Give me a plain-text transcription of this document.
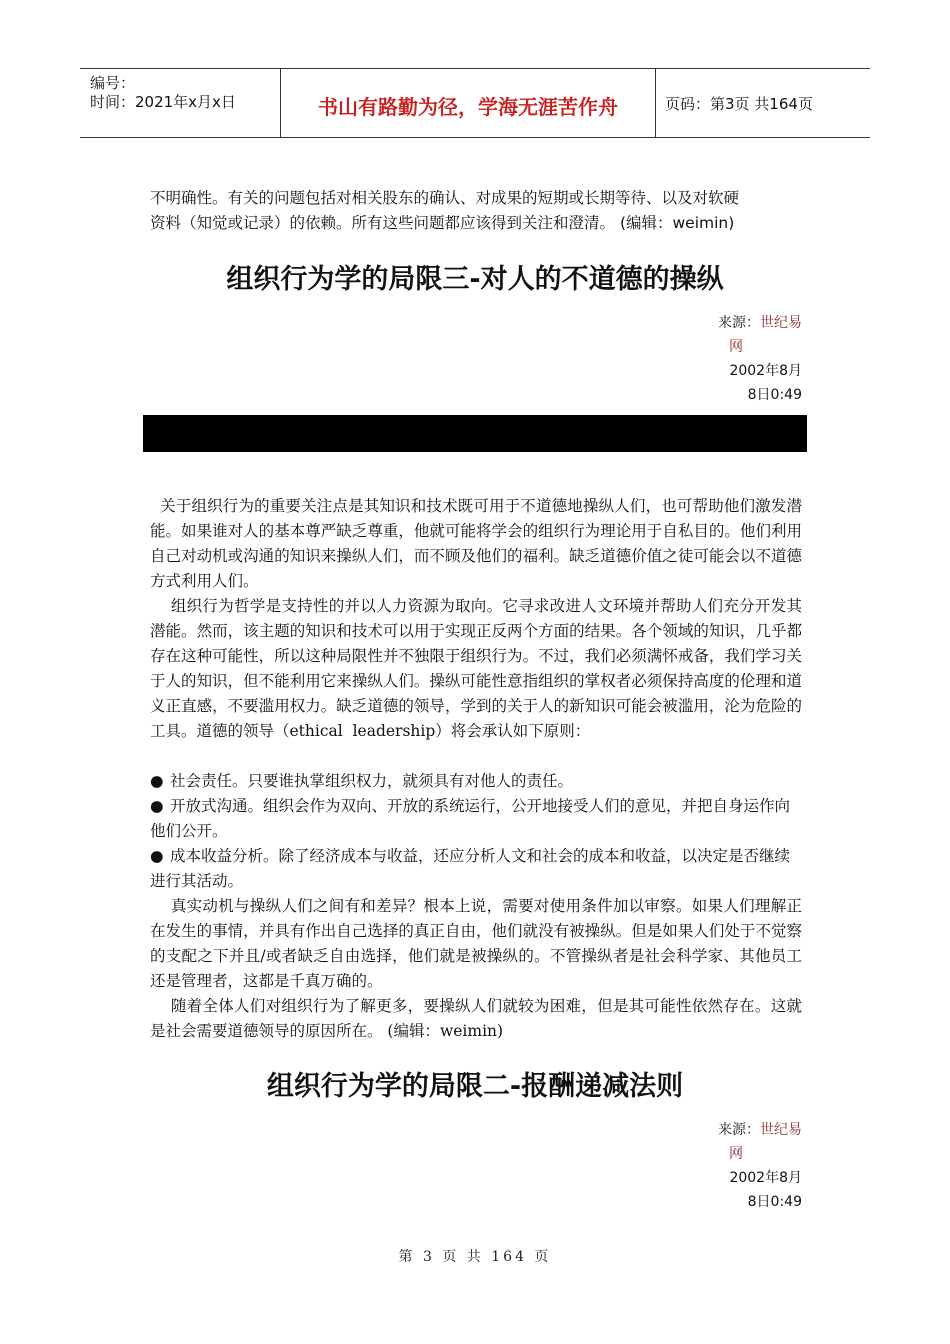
编号：
时间：2021年x月x日	书山有路勤为径，学海无涯苦作舟	页码：第3页 共164页
不明确性。有关的问题包括对相关股东的确认、对成果的短期或长期等待、以及对软硬
资料（知觉或记录）的依赖。所有这些问题都应该得到关注和澄清。 (编辑：weimin)
组织行为学的局限三-对人的不道德的操纵
来源：世纪易
网
2002年8月
8日0:49
关于组织行为的重要关注点是其知识和技术既可用于不道德地操纵人们，也可帮助他们激发潜能。如果谁对人的基本尊严缺乏尊重，他就可能将学会的组织行为理论用于自私目的。他们利用自己对动机或沟通的知识来操纵人们，而不顾及他们的福利。缺乏道德价值之徒可能会以不道德方式利用人们。
组织行为哲学是支持性的并以人力资源为取向。它寻求改进人文环境并帮助人们充分开发其潜能。然而，该主题的知识和技术可以用于实现正反两个方面的结果。各个领域的知识，几乎都存在这种可能性，所以这种局限性并不独限于组织行为。不过，我们必须满怀戒备，我们学习关于人的知识，但不能利用它来操纵人们。操纵可能性意指组织的掌权者必须保持高度的伦理和道义正直感，不要滥用权力。缺乏道德的领导，学到的关于人的新知识可能会被滥用，沦为危险的工具。道德的领导（ethical  leadership）将会承认如下原则：
● 社会责任。只要谁执掌组织权力，就须具有对他人的责任。
● 开放式沟通。组织会作为双向、开放的系统运行，公开地接受人们的意见，并把自身运作向他们公开。
● 成本收益分析。除了经济成本与收益，还应分析人文和社会的成本和收益，以决定是否继续进行其活动。
真实动机与操纵人们之间有和差异？根本上说，需要对使用条件加以审察。如果人们理解正在发生的事情，并具有作出自己选择的真正自由，他们就没有被操纵。但是如果人们处于不觉察的支配之下并且/或者缺乏自由选择，他们就是被操纵的。不管操纵者是社会科学家、其他员工还是管理者，这都是千真万确的。
随着全体人们对组织行为了解更多，要操纵人们就较为困难，但是其可能性依然存在。这就是社会需要道德领导的原因所在。 (编辑：weimin)
组织行为学的局限二-报酬递减法则
来源：世纪易
网
2002年8月
8日0:49
第 3 页 共 164 页
